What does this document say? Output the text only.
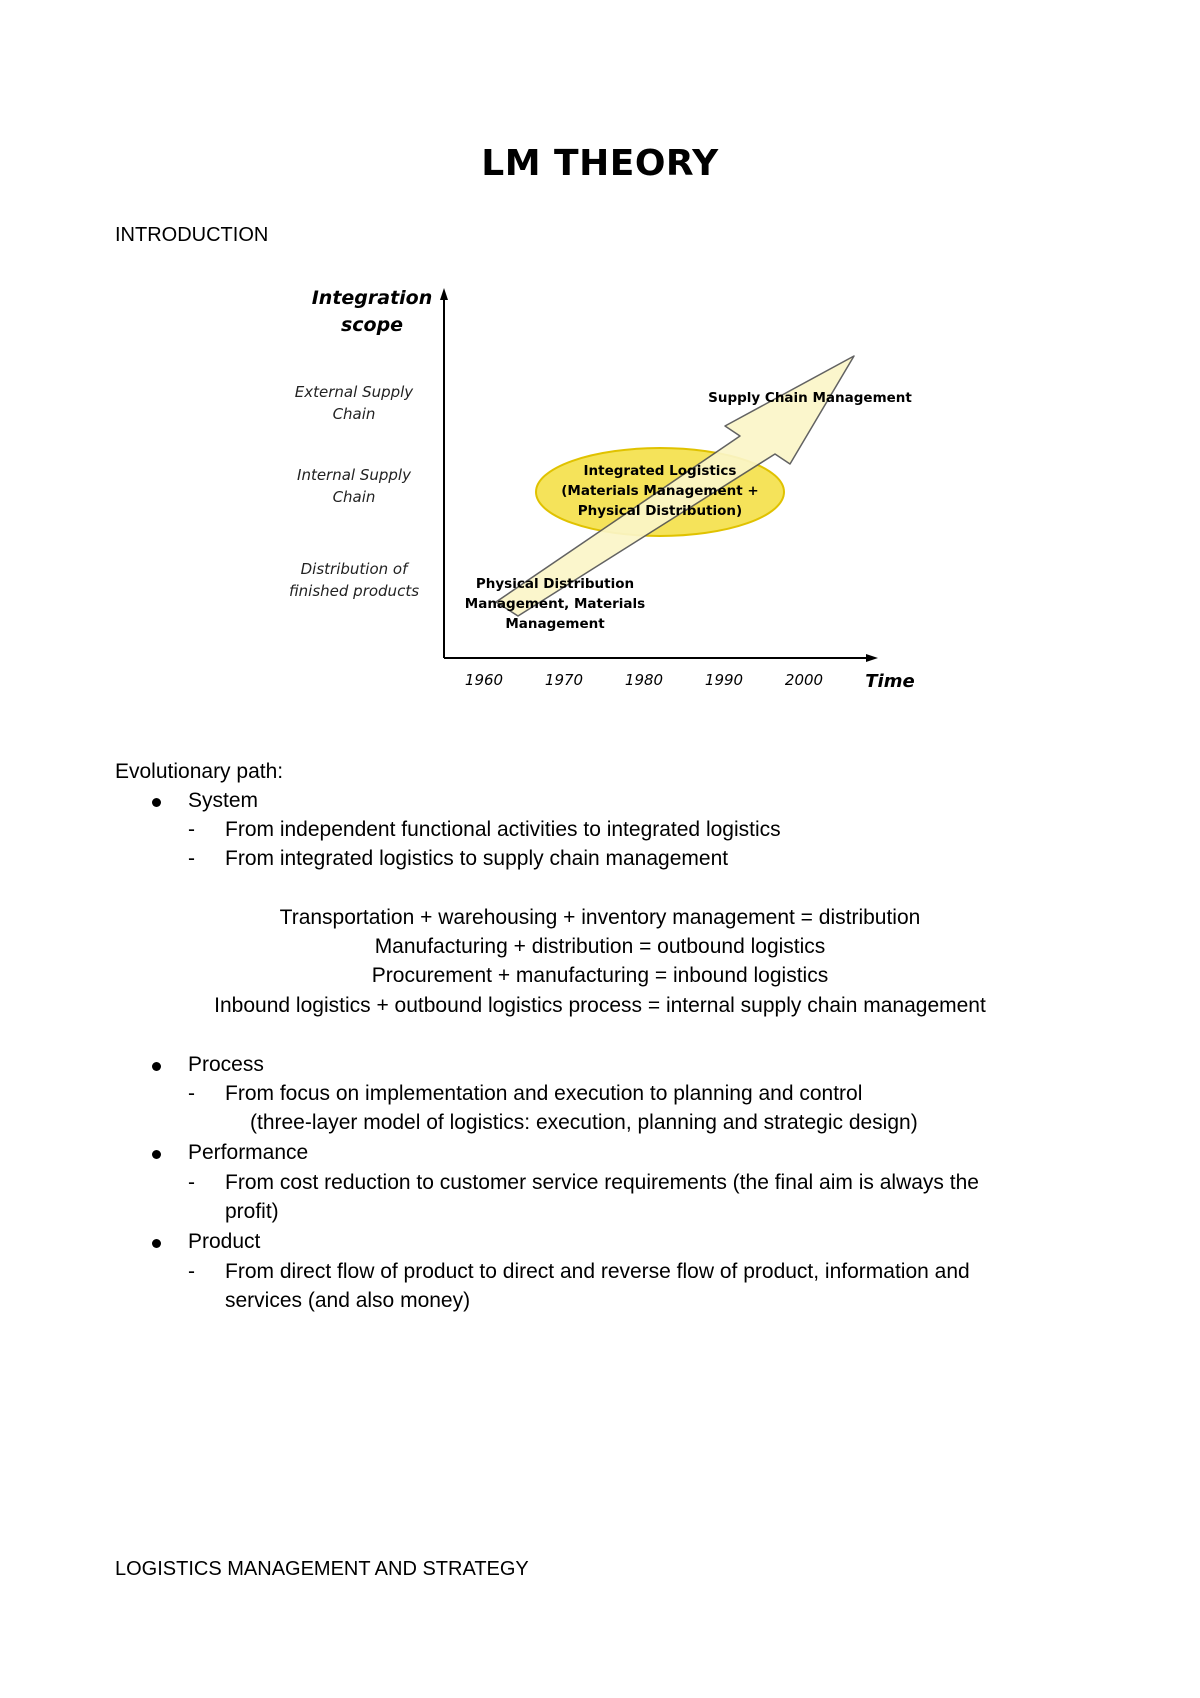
LM THEORY
INTRODUCTION
Integration
scope
Time
External Supply
Chain
Internal Supply
Chain
Distribution of
finished products
1960	1970	1980	1990	2000
Integrated Logistics
(Materials Management +
Physical Distribution)
Supply Chain Management
Physical Distribution
Management, Materials
Management
Evolutionary path:
System
- From independent functional activities to integrated logistics
- From integrated logistics to supply chain management
Transportation + warehousing + inventory management = distribution
Manufacturing + distribution = outbound logistics
Procurement + manufacturing = inbound logistics
Inbound logistics + outbound logistics process = internal supply chain management
Process
- From focus on implementation and execution to planning and control
(three-layer model of logistics: execution, planning and strategic design)
Performance
- From cost reduction to customer service requirements (the final aim is always the
profit)
Product
- From direct flow of product to direct and reverse flow of product, information and
services (and also money)
LOGISTICS MANAGEMENT AND STRATEGY
